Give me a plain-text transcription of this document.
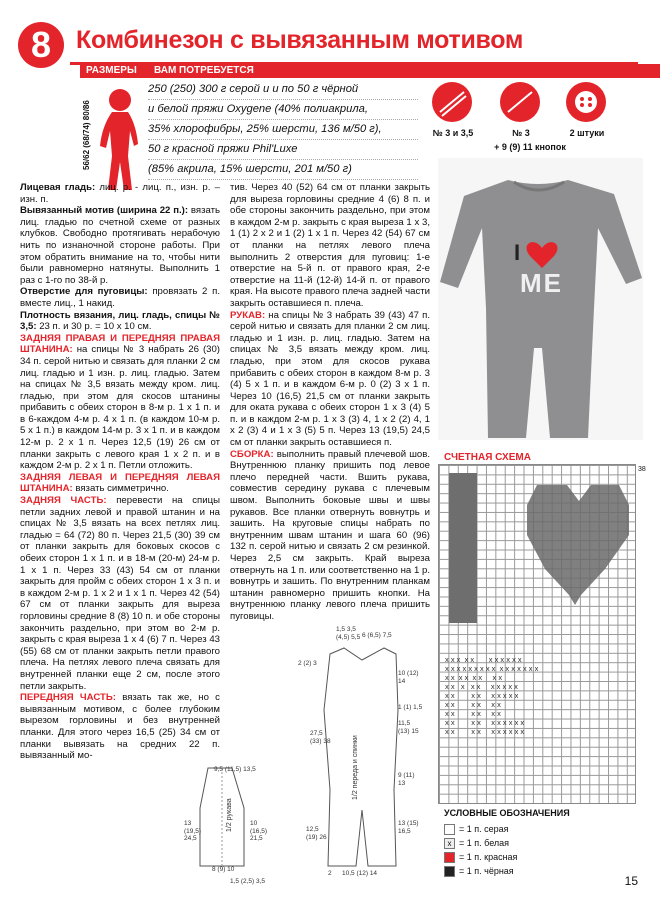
8 Комбинезон с вывязанным мотивом
РАЗМЕРЫ	ВАМ ПОТРЕБУЕТСЯ
56/62 (68/74) 80/86
250 (250) 300 г серой и и по 50 г чёрной
и белой пряжи Oxygene (40% полиакрила,
35% хлорофибры, 25% шерсти, 136 м/50 г),
50 г красной пряжи Phil'Luxe
(85% акрила, 15% шерсти, 201 м/50 г)
№ 3 и 3,5	№ 3
+ 9 (9) 11 кнопок
2 штуки

Лицевая гладь: лиц. р. - лиц. п., изн. р. – изн. п.

Вывязанный мотив (ширина 22 п.): вязать лиц. гладью по счетной схеме от разных клубков. Свободно протягивать нерабочую нить по изнаночной стороне работы. При этом обратить внимание на то, чтобы нити были равномерно натянуты. Выполнить 1 раз с 1-го по 38-й р.

Отверстие для пуговицы: провязать 2 п. вместе лиц., 1 накид.

Плотность вязания, лиц. гладь, спицы № 3,5: 23 п. и 30 р. = 10 х 10 см.

ЗАДНЯЯ ПРАВАЯ И ПЕРЕДНЯЯ ПРАВАЯ ШТАНИНА: на спицы № 3 набрать 26 (30) 34 п. серой нитью и связать для планки 2 см лиц. гладью и 1 изн. р. лиц. гладью. Затем на спицах № 3,5 вязать между кром. лиц. гладью, при этом для скосов штанины прибавить с обеих сторон в 8-м р. 1 х 1 п. и в 6-каждом 4-м р. 4 х 1 п. (в каждом 10-м р. 5 х 1 п.) в каждом 14-м р. 3 х 1 п. и в каждом 12-м р. 2 х 1 п. Через 12,5 (19) 26 см от планки закрыть с левого края 1 х 2 п. и в каждом 2-м р. 2 х 1 п. Петли отложить.

ЗАДНЯЯ ЛЕВАЯ И ПЕРЕДНЯЯ ЛЕВАЯ ШТАНИНА: вязать симметрично.

ЗАДНЯЯ ЧАСТЬ: перевести на спицы петли задних левой и правой штанин и на спицах № 3,5 вязать на всех петлях лиц. гладью = 64 (72) 80 п. Через 21,5 (30) 39 см от планки закрыть для боковых скосов с обеих сторон 1 х 1 п. и в 18-м (20-м) 24-м р. 1 х 1 п. Через 33 (43) 54 см от планки закрыть для пройм с обеих сторон 1 х 3 п. и в каждом 2-м р. 1 х 2 и 1 х 1 п. Через 42 (54) 67 см от планки закрыть для выреза горловины средние 8 (8) 10 п. и обе стороны закончить раздельно, при этом во 2-м р. закрыть с края выреза 1 х 4 (6) 7 п. Через 43 (55) 68 см от планки закрыть петли правого плеча. На петлях левого плеча связать для внутренней планки еще 2 см, после этого петли закрыть.

ПЕРЕДНЯЯ ЧАСТЬ: вязать так же, но с вывязанным мотивом, с более глубоким вырезом горловины и без внутренней планки. Для этого через 16,5 (25) 34 см от планки вывязать на средних 22 п. вывязанный мо-

тив. Через 40 (52) 64 см от планки закрыть для выреза горловины средние 4 (6) 8 п. и обе стороны закончить раздельно, при этом в каждом 2-м р. закрыть с края выреза 1 х 3, 1 (1) 2 х 2 и 1 (2) 1 х 1 п. Через 42 (54) 67 см от планки на петлях левого плеча выполнить 2 отверстия для пуговиц: 1-е отверстие на 5-й п. от правого края, 2-е отверстие на 11-й (12-й) 14-й п. от правого края. На высоте правого плеча задней части закрыть оставшиеся п. плеча.

РУКАВ: на спицы № 3 набрать 39 (43) 47 п. серой нитью и связать для планки 2 см лиц. гладью и 1 изн. р. лиц. гладью. Затем на спицах № 3,5 вязать между кром. лиц. гладью, при этом для скосов рукава прибавить с обеих сторон в каждом 8-м р. 3 (4) 5 х 1 п. и в каждом 6-м р. 0 (2) 3 х 1 п. Через 10 (16,5) 21,5 см от планки закрыть для оката рукава с обеих сторон 1 х 3 (4) 5 п. и в каждом 2-м р. 1 х 3 (3) 4, 1 х 2 (2) 4, 1 х 2 (3) 4 и 1 х 3 (5) 5 п. Через 13 (19,5) 24,5 см от планки закрыть оставшиеся п.

СБОРКА: выполнить правый плечевой шов. Внутреннюю планку пришить под левое плечо передней части. Вшить рукава, совместив середину рукава с плечевым швом. Выполнить боковые швы и швы рукавов. Все планки отвернуть вовнутрь и зашить. На круговые спицы набрать по внутренним швам штанин и шага 60 (96) 132 п. серой нитью и связать 2 см резинкой. Через 2,5 см закрыть. Край выреза отвернуть на 1 п. или соответственно на 1 р. вовнутрь и зашить. По внутренним планкам штанин равномерно пришить кнопки. На внутреннюю планку левого плеча пришить пуговицы.

I
ME
СЧЕТНАЯ СХЕМА
x x x  x x       x x x x x x
x x x x x x x x x  x x x x x x x
x x  x x  x x     x x
x x   x   x x     x x x x x
x x        x x     x x x x x
x x        x x     x x
x x        x x     x x
x x        x x     x x x x x x
x x        x x     x x x x x x
38
УСЛОВНЫЕ ОБОЗНАЧЕНИЯ
= 1 п. серая
x = 1 п. белая
= 1 п. красная
= 1 п. чёрная
15
9,5 (11,5) 13,5
13 (19,5) 24,5
10 (16,5) 21,5
8 (9) 10
1,5 (2,5) 3,5
1/2 рукава
1,5 3,5 (4,5) 5,5 6 (6,5) 7,5
2 (2) 3
10 (12) 14
1 (1) 1,5
27,5 (33) 38
11,5 (13) 15
9 (11) 13
12,5 (19) 26
10,5 (12) 14
13 (15) 16,5
2
1/2 переда и спинки
